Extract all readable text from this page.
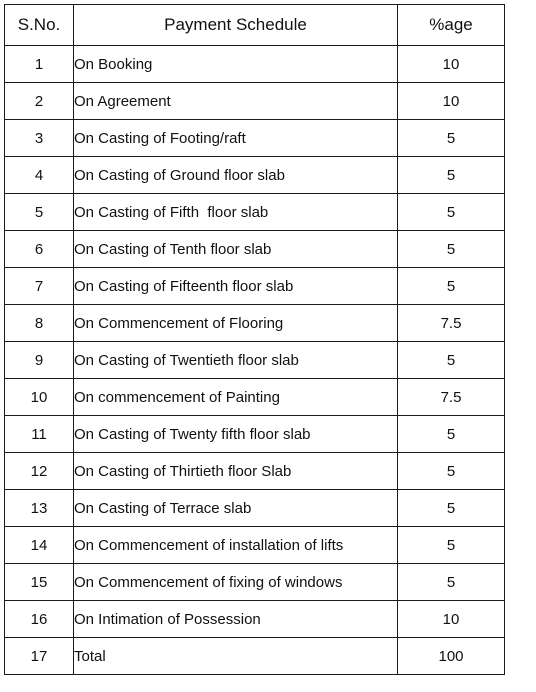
S.No.	Payment Schedule	%age
1	On Booking	10
2	On Agreement	10
3	On Casting of Footing/raft	5
4	On Casting of Ground floor slab	5
5	On Casting of Fifth  floor slab	5
6	On Casting of Tenth floor slab	5
7	On Casting of Fifteenth floor slab	5
8	On Commencement of Flooring	7.5
9	On Casting of Twentieth floor slab	5
10	On commencement of Painting	7.5
11	On Casting of Twenty fifth floor slab	5
12	On Casting of Thirtieth floor Slab	5
13	On Casting of Terrace slab	5
14	On Commencement of installation of lifts	5
15	On Commencement of fixing of windows	5
16	On Intimation of Possession	10
17	Total	100
